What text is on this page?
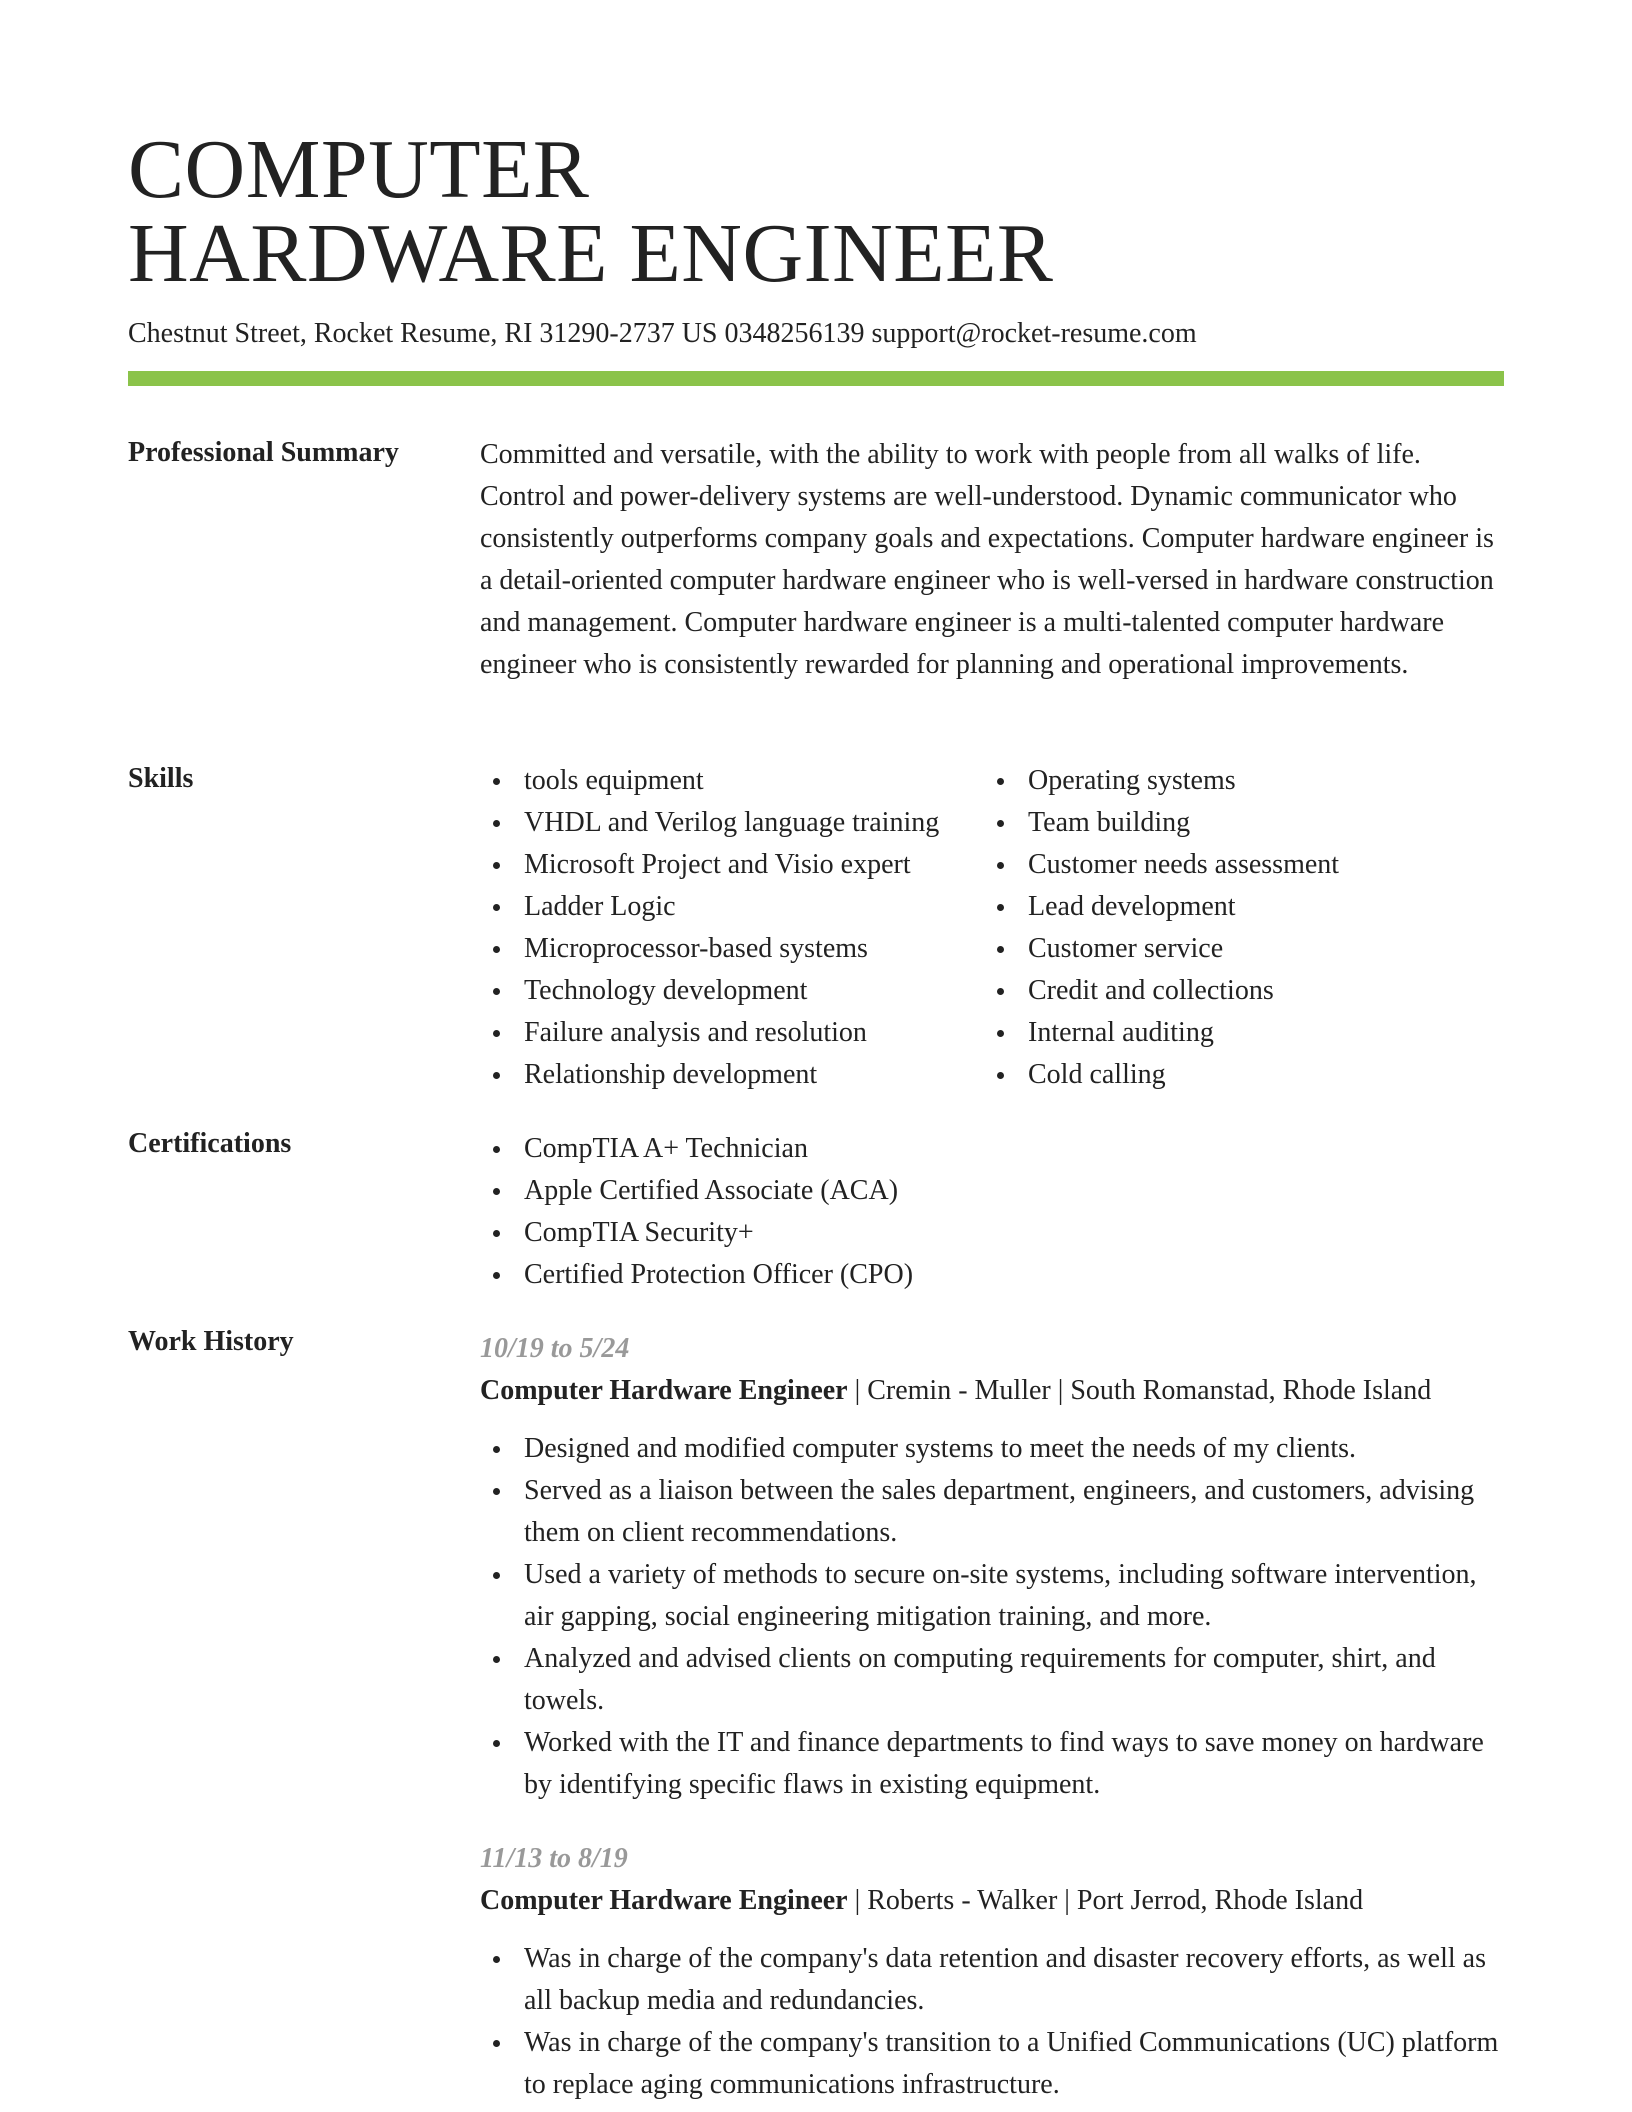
COMPUTER
HARDWARE ENGINEER
Chestnut Street, Rocket Resume, RI 31290-2737 US 0348256139 support@rocket-resume.com
Professional Summary	Committed and versatile, with the ability to work with people from all walks of life. Control and power-delivery systems are well-understood. Dynamic communicator who consistently outperforms company goals and expectations. Computer hardware engineer is a detail-oriented computer hardware engineer who is well-versed in hardware construction and management. Computer hardware engineer is a multi-talented computer hardware engineer who is consistently rewarded for planning and operational improvements.
Skills	tools equipment
VHDL and Verilog language training
Microsoft Project and Visio expert
Ladder Logic
Microprocessor-based systems
Technology development
Failure analysis and resolution
Relationship development
Operating systems
Team building
Customer needs assessment
Lead development
Customer service
Credit and collections
Internal auditing
Cold calling
Certifications	CompTIA A+ Technician
Apple Certified Associate (ACA)
CompTIA Security+
Certified Protection Officer (CPO)
Work History	10/19 to 5/24
Computer Hardware Engineer | Cremin - Muller | South Romanstad, Rhode Island
Designed and modified computer systems to meet the needs of my clients.
Served as a liaison between the sales department, engineers, and customers, advising them on client recommendations.
Used a variety of methods to secure on-site systems, including software intervention, air gapping, social engineering mitigation training, and more.
Analyzed and advised clients on computing requirements for computer, shirt, and towels.
Worked with the IT and finance departments to find ways to save money on hardware by identifying specific flaws in existing equipment.
11/13 to 8/19
Computer Hardware Engineer | Roberts - Walker | Port Jerrod, Rhode Island
Was in charge of the company's data retention and disaster recovery efforts, as well as all backup media and redundancies.
Was in charge of the company's transition to a Unified Communications (UC) platform to replace aging communications infrastructure.
